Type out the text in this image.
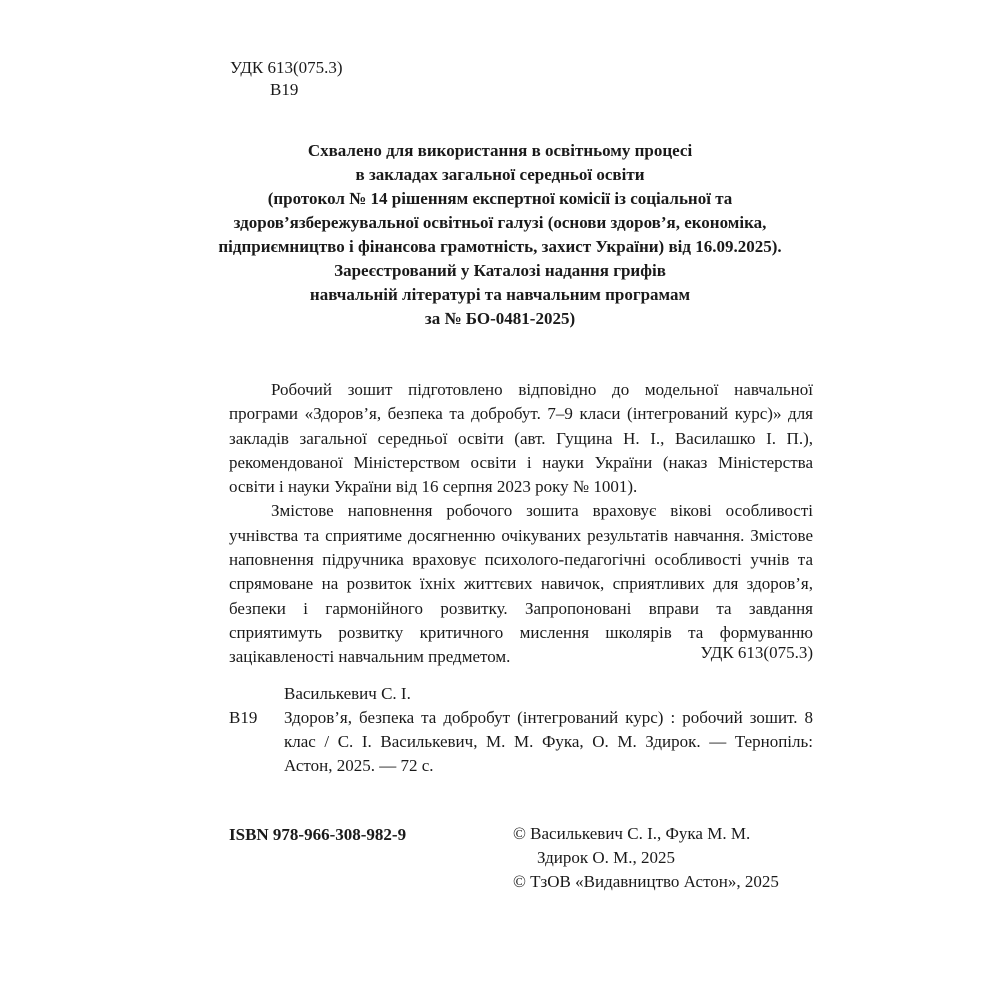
УДК 613(075.3)
В19
Схвалено для використання в освітньому процесі
в закладах загальної середньої освіти
(протокол № 14 рішенням експертної комісії із соціальної та
здоров’язбережувальної освітньої галузі (основи здоров’я, економіка,
підприємництво і фінансова грамотність, захист України) від 16.09.2025).
Зареєстрований у Каталозі надання грифів
навчальній літературі та навчальним програмам
за № БО-0481-2025)

Робочий зошит підготовлено відповідно до модельної навчальної програми «Здоров’я, безпека та добробут. 7–9 класи (інтегрований курс)» для закладів загальної середньої освіти (авт. Гущина Н. І., Василашко І. П.), рекомендованої Міністерством освіти і науки України (наказ Міністерства освіти і науки України від 16 серпня 2023 року № 1001).

Змістове наповнення робочого зошита враховує вікові особливості учнівства та сприятиме досягненню очікуваних результатів навчання. Змістове наповнення підручника враховує психолого-педагогічні особливості учнів та спрямоване на розвиток їхніх життєвих навичок, сприятливих для здоров’я, безпеки і гармонійного розвитку. Запропоновані вправи та завдання сприятимуть розвитку критичного мислення школярів та формуванню зацікавленості навчальним предметом.	УДК 613(075.3)
Василькевич С. І.
В19	Здоров’я, безпека та добробут (інтегрований курс) : робочий зошит. 8 клас / С. І. Василькевич, М. М. Фука, О. М. Здирок. — Тернопіль: Астон, 2025. — 72 с.
ISBN 978-966-308-982-9	© Василькевич С. І., Фука М. М.
Здирок О. М., 2025
© ТзОВ «Видавництво Астон», 2025
